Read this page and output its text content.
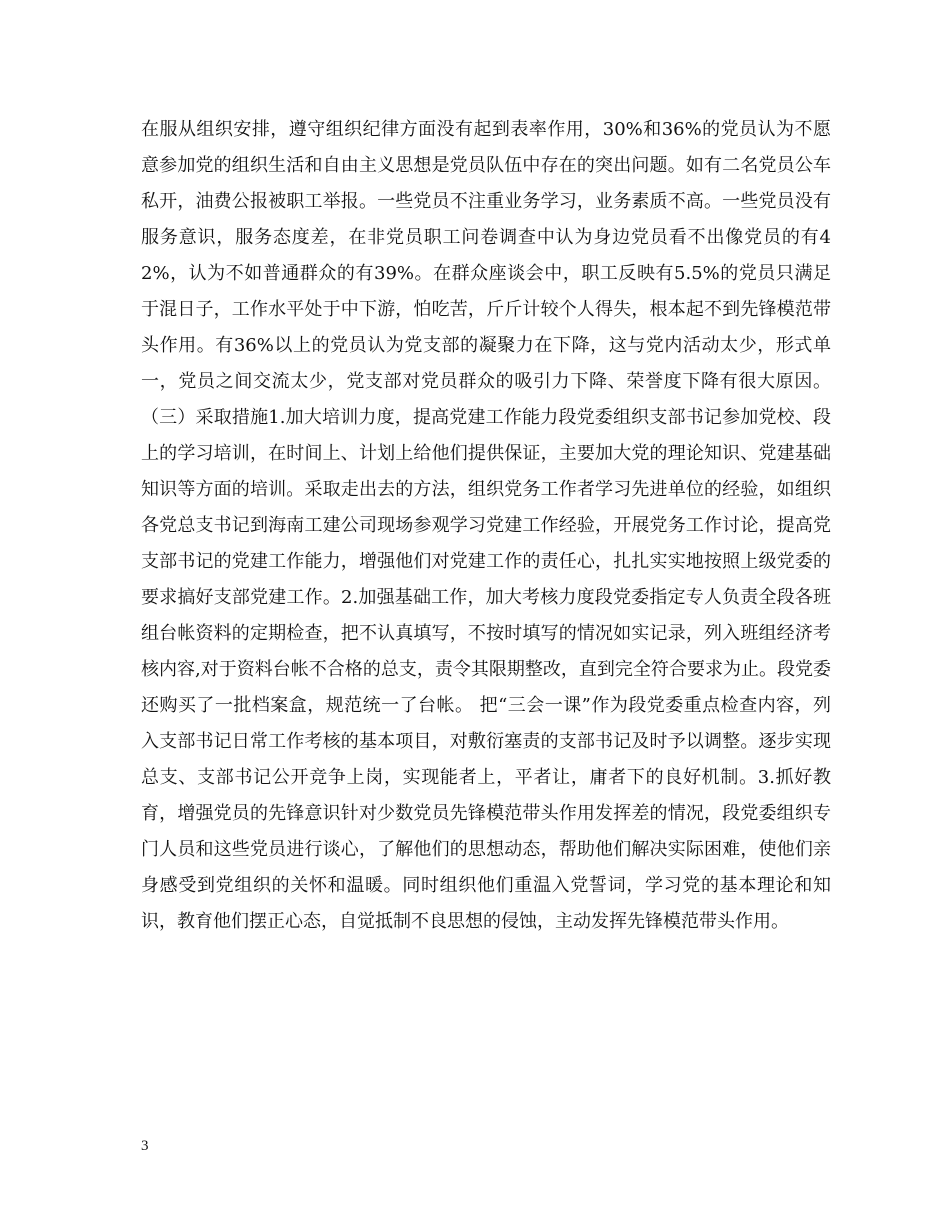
在服从组织安排，遵守组织纪律方面没有起到表率作用，30%和36%的党员认为不愿意参加党的组织生活和自由主义思想是党员队伍中存在的突出问题。如有二名党员公车私开，油费公报被职工举报。一些党员不注重业务学习，业务素质不高。一些党员没有服务意识，服务态度差，在非党员职工问卷调查中认为身边党员看不出像党员的有42%，认为不如普通群众的有39%。在群众座谈会中，职工反映有5.5%的党员只满足于混日子，工作水平处于中下游，怕吃苦，斤斤计较个人得失，根本起不到先锋模范带头作用。有36%以上的党员认为党支部的凝聚力在下降，这与党内活动太少，形式单一，党员之间交流太少，党支部对党员群众的吸引力下降、荣誉度下降有很大原因。（三）采取措施1.加大培训力度，提高党建工作能力段党委组织支部书记参加党校、段上的学习培训，在时间上、计划上给他们提供保证，主要加大党的理论知识、党建基础知识等方面的培训。采取走出去的方法，组织党务工作者学习先进单位的经验，如组织各党总支书记到海南工建公司现场参观学习党建工作经验，开展党务工作讨论，提高党支部书记的党建工作能力，增强他们对党建工作的责任心，扎扎实实地按照上级党委的要求搞好支部党建工作。2.加强基础工作，加大考核力度段党委指定专人负责全段各班组台帐资料的定期检查，把不认真填写，不按时填写的情况如实记录，列入班组经济考核内容,对于资料台帐不合格的总支，责令其限期整改，直到完全符合要求为止。段党委还购买了一批档案盒，规范统一了台帐。 把“三会一课”作为段党委重点检查内容，列入支部书记日常工作考核的基本项目，对敷衍塞责的支部书记及时予以调整。逐步实现总支、支部书记公开竞争上岗，实现能者上，平者让，庸者下的良好机制。3.抓好教育，增强党员的先锋意识针对少数党员先锋模范带头作用发挥差的情况，段党委组织专门人员和这些党员进行谈心，了解他们的思想动态，帮助他们解决实际困难，使他们亲身感受到党组织的关怀和温暖。同时组织他们重温入党誓词，学习党的基本理论和知识，教育他们摆正心态，自觉抵制不良思想的侵蚀，主动发挥先锋模范带头作用。

3
